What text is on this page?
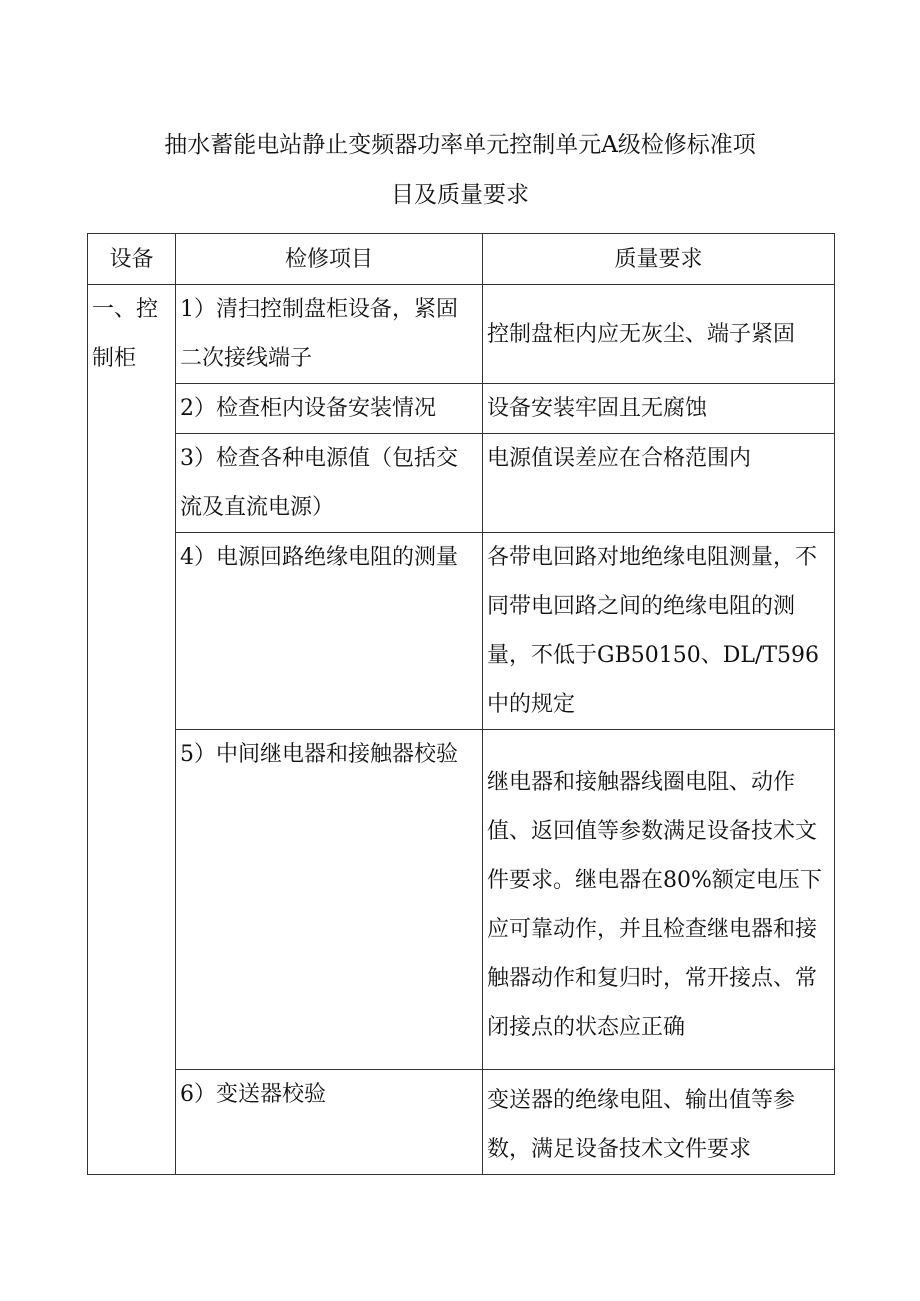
抽水蓄能电站静止变频器功率单元控制单元A级检修标准项
目及质量要求
设备	检修项目	质量要求
一、控制柜	1）清扫控制盘柜设备，紧固二次接线端子	控制盘柜内应无灰尘、端子紧固
	2）检查柜内设备安装情况	设备安装牢固且无腐蚀
	3）检查各种电源值（包括交流及直流电源）	电源值误差应在合格范围内
	4）电源回路绝缘电阻的测量	各带电回路对地绝缘电阻测量，不同带电回路之间的绝缘电阻的测量，不低于GB50150、DL/T596中的规定
	5）中间继电器和接触器校验	继电器和接触器线圈电阻、动作值、返回值等参数满足设备技术文件要求。继电器在80%额定电压下应可靠动作，并且检查继电器和接触器动作和复归时，常开接点、常闭接点的状态应正确
	6）变送器校验	变送器的绝缘电阻、输出值等参数，满足设备技术文件要求
